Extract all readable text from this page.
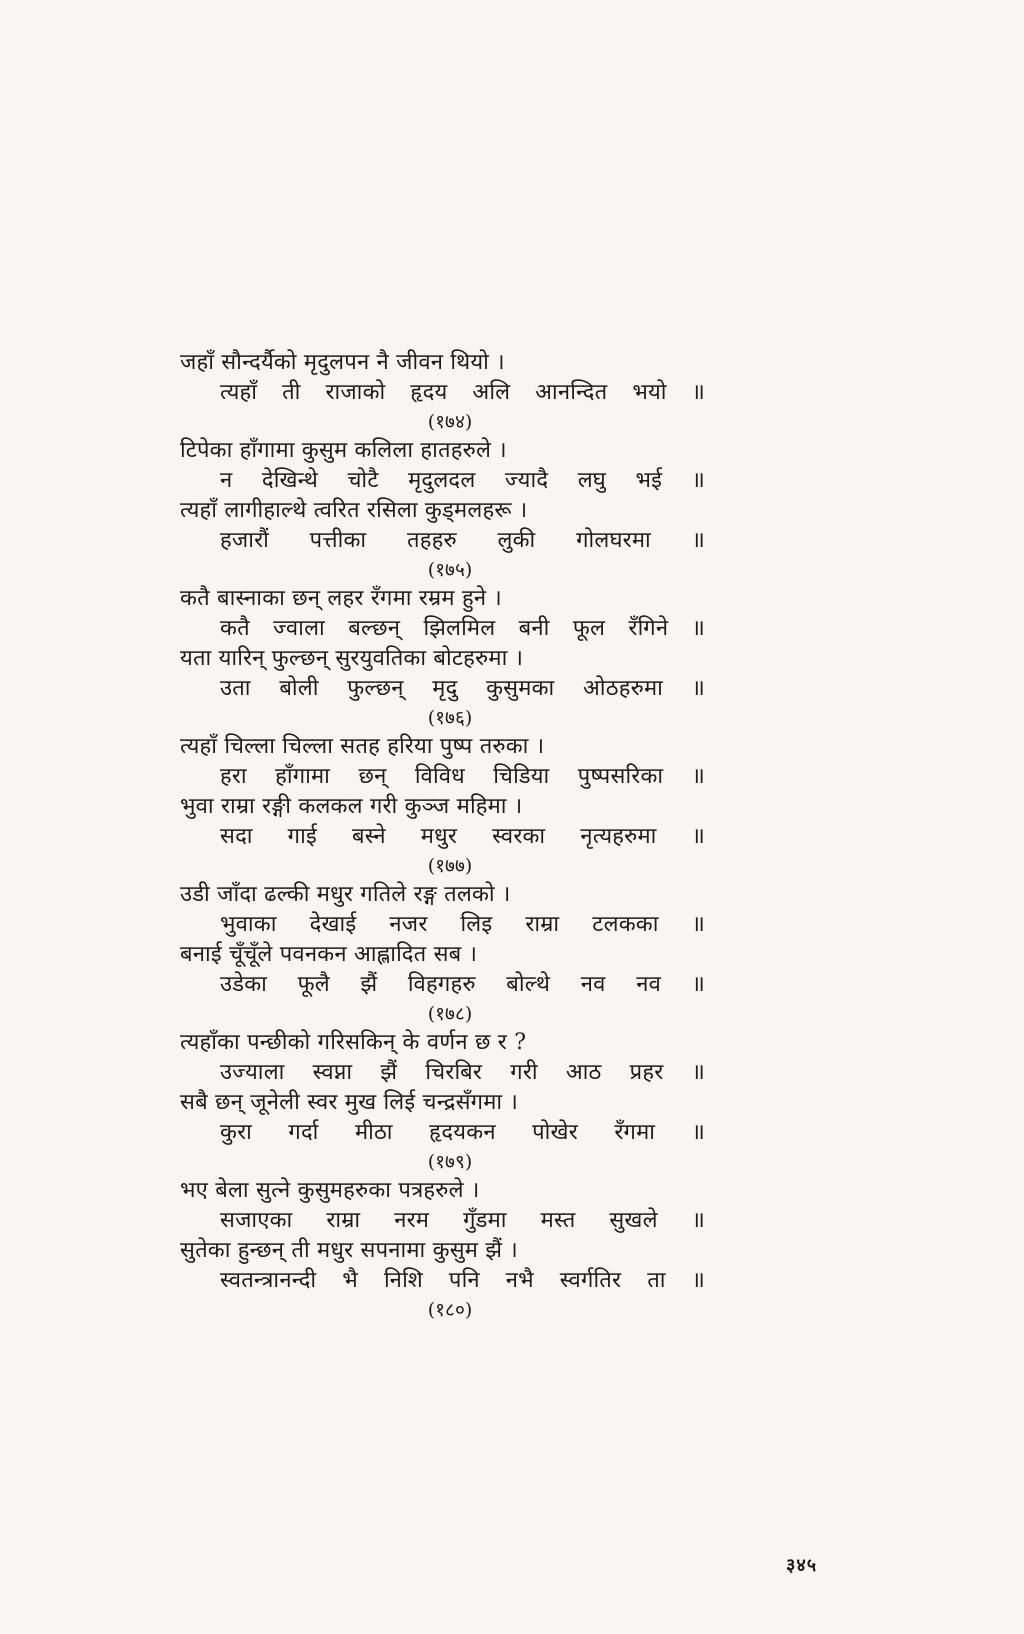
जहाँ सौन्दर्यैको मृदुलपन नै जीवन थियो ।
त्यहाँ ती राजाको हृदय अलि आनन्दित भयो ॥
(१७४)
टिपेका हाँगामा कुसुम कलिला हातहरुले ।
न देखिन्थे चोटै मृदुलदल ज्यादै लघु भई ॥
त्यहाँ लागीहाल्थे त्वरित रसिला कुड्मलहरू ।
हजारौं पत्तीका तहहरु लुकी गोलघरमा ॥
(१७५)
कतै बास्नाका छन् लहर रँगमा रम्रम हुने ।
कतै ज्वाला बल्छन् झिलमिल बनी फूल रँगिने ॥
यता यारिन् फुल्छन् सुरयुवतिका बोटहरुमा ।
उता बोली फुल्छन् मृदु कुसुमका ओठहरुमा ॥
(१७६)
त्यहाँ चिल्ला चिल्ला सतह हरिया पुष्प तरुका ।
हरा हाँगामा छन् विविध चिडिया पुष्पसरिका ॥
भुवा राम्रा रङ्गी कलकल गरी कुञ्ज महिमा ।
सदा गाई बस्ने मधुर स्वरका नृत्यहरुमा ॥
(१७७)
उडी जाँदा ढल्की मधुर गतिले रङ्ग तलको ।
भुवाका देखाई नजर लिइ राम्रा टलकका ॥
बनाई चूँचूँले पवनकन आह्लादित सब ।
उडेका फूलै झैं विहगहरु बोल्थे नव नव ॥
(१७८)
त्यहाँका पन्छीको गरिसकिन् के वर्णन छ र ?
उज्याला स्वप्ना झैं चिरबिर गरी आठ प्रहर ॥
सबै छन् जूनेली स्वर मुख लिई चन्द्रसँगमा ।
कुरा गर्दा मीठा हृदयकन पोखेर रँगमा ॥
(१७९)
भए बेला सुत्ने कुसुमहरुका पत्रहरुले ।
सजाएका राम्रा नरम गुँडमा मस्त सुखले ॥
सुतेका हुन्छन् ती मधुर सपनामा कुसुम झैं ।
स्वतन्त्रानन्दी भै निशि पनि नभै स्वर्गतिर ता ॥
(१८०)
३४५
